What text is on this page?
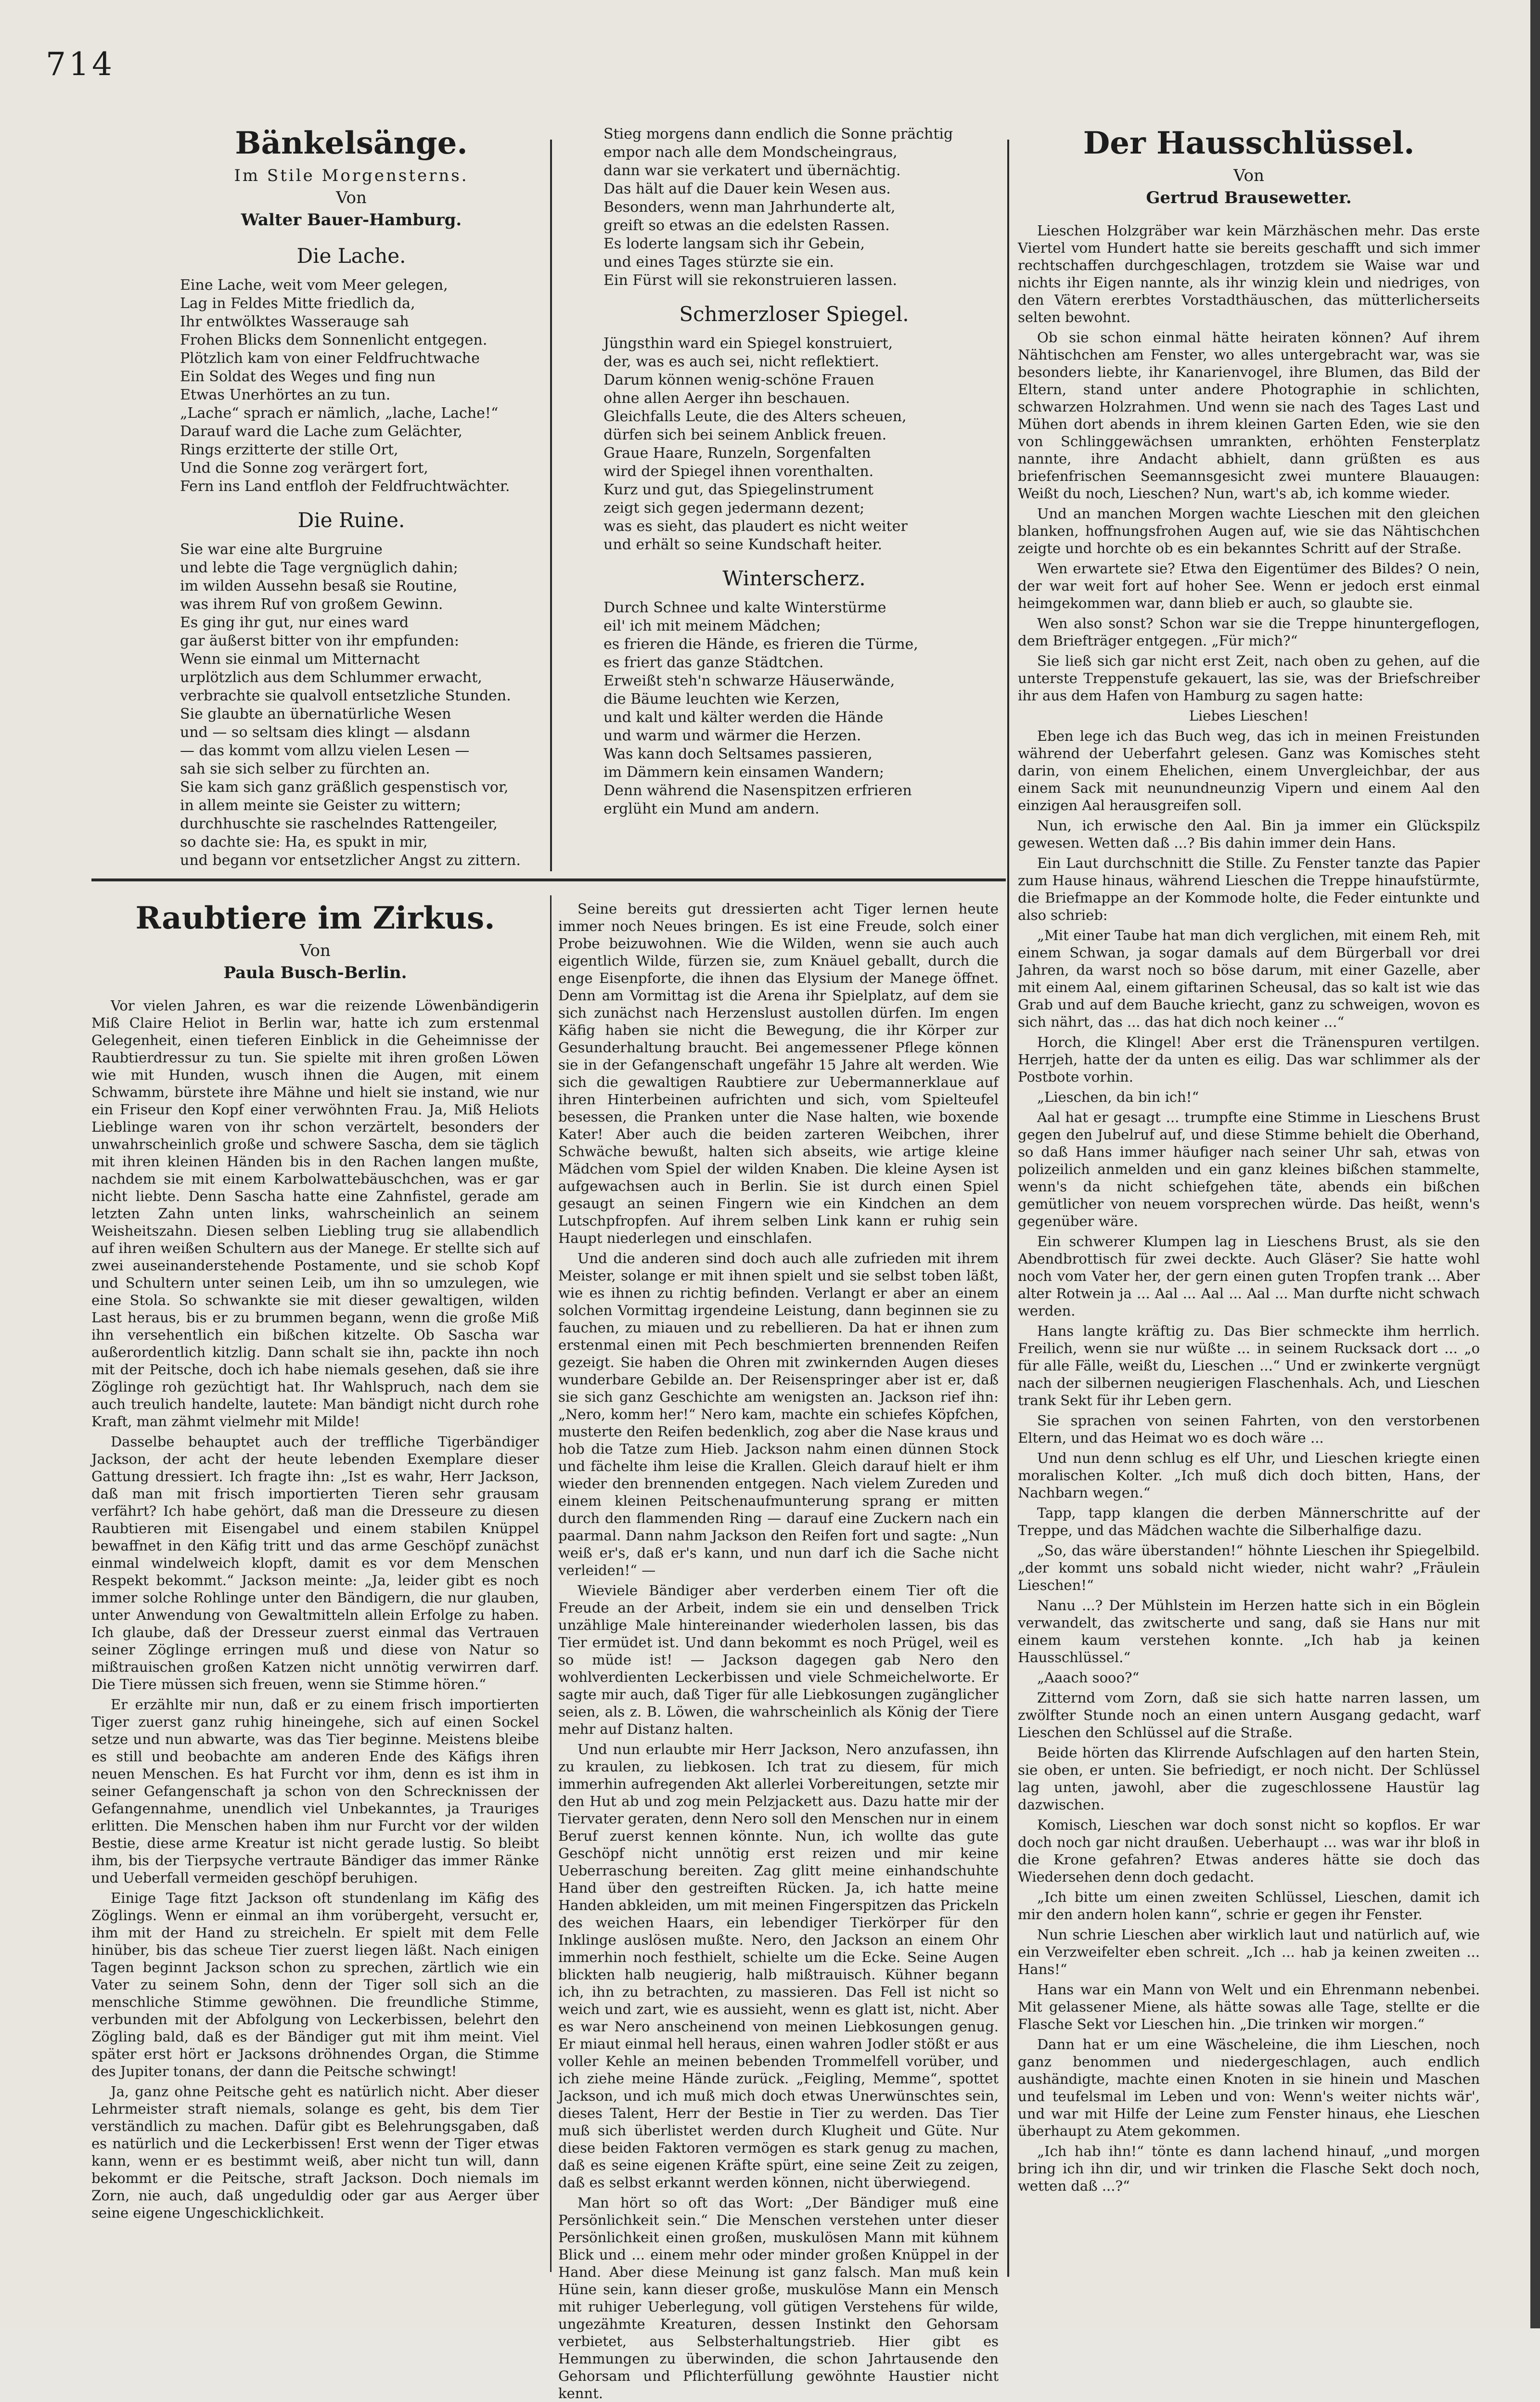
714
Bänkelsänge.
Im Stile Morgensterns.
Von
Walter Bauer-Hamburg.
Die Lache.
Eine Lache, weit vom Meer gelegen,
Lag in Feldes Mitte friedlich da,
Ihr entwölktes Wasserauge sah
Frohen Blicks dem Sonnenlicht entgegen.
Plötzlich kam von einer Feldfruchtwache
Ein Soldat des Weges und fing nun
Etwas Unerhörtes an zu tun.
„Lache“ sprach er nämlich, „lache, Lache!“
Darauf ward die Lache zum Gelächter,
Rings erzitterte der stille Ort,
Und die Sonne zog verärgert fort,
Fern ins Land entfloh der Feldfruchtwächter.
Die Ruine.
Sie war eine alte Burgruine
und lebte die Tage vergnüglich dahin;
im wilden Aussehn besaß sie Routine,
was ihrem Ruf von großem Gewinn.
Es ging ihr gut, nur eines ward
gar äußerst bitter von ihr empfunden:
Wenn sie einmal um Mitternacht
urplötzlich aus dem Schlummer erwacht,
verbrachte sie qualvoll entsetzliche Stunden.
Sie glaubte an übernatürliche Wesen
und — so seltsam dies klingt — alsdann
— das kommt vom allzu vielen Lesen —
sah sie sich selber zu fürchten an.
Sie kam sich ganz gräßlich gespenstisch vor,
in allem meinte sie Geister zu wittern;
durchhuschte sie raschelndes Rattengeiler,
so dachte sie: Ha, es spukt in mir,
und begann vor entsetzlicher Angst zu zittern.
Stieg morgens dann endlich die Sonne prächtig
empor nach alle dem Mondscheingraus,
dann war sie verkatert und übernächtig.
Das hält auf die Dauer kein Wesen aus.
Besonders, wenn man Jahrhunderte alt,
greift so etwas an die edelsten Rassen.
Es loderte langsam sich ihr Gebein,
und eines Tages stürzte sie ein.
Ein Fürst will sie rekonstruieren lassen.
Schmerzloser Spiegel.
Jüngsthin ward ein Spiegel konstruiert,
der, was es auch sei, nicht reflektiert.
Darum können wenig-schöne Frauen
ohne allen Aerger ihn beschauen.
Gleichfalls Leute, die des Alters scheuen,
dürfen sich bei seinem Anblick freuen.
Graue Haare, Runzeln, Sorgenfalten
wird der Spiegel ihnen vorenthalten.
Kurz und gut, das Spiegelinstrument
zeigt sich gegen jedermann dezent;
was es sieht, das plaudert es nicht weiter
und erhält so seine Kundschaft heiter.
Winterscherz.
Durch Schnee und kalte Winterstürme
eil' ich mit meinem Mädchen;
es frieren die Hände, es frieren die Türme,
es friert das ganze Städtchen.
Erweißt steh'n schwarze Häuserwände,
die Bäume leuchten wie Kerzen,
und kalt und kälter werden die Hände
und warm und wärmer die Herzen.
Was kann doch Seltsames passieren,
im Dämmern kein einsamen Wandern;
Denn während die Nasenspitzen erfrieren
erglüht ein Mund am andern.
Der Hausschlüssel.
Von
Gertrud Brausewetter.

Lieschen Holzgräber war kein Märzhäschen mehr. Das erste Viertel vom Hundert hatte sie bereits geschafft und sich immer rechtschaffen durchgeschlagen, trotzdem sie Waise war und nichts ihr Eigen nannte, als ihr winzig klein und niedriges, von den Vätern ererbtes Vorstadthäuschen, das mütterlicherseits selten bewohnt.

Ob sie schon einmal hätte heiraten können? Auf ihrem Nähtischchen am Fenster, wo alles untergebracht war, was sie besonders liebte, ihr Kanarienvogel, ihre Blumen, das Bild der Eltern, stand unter andere Photographie in schlichten, schwarzen Holzrahmen. Und wenn sie nach des Tages Last und Mühen dort abends in ihrem kleinen Garten Eden, wie sie den von Schlinggewächsen umrankten, erhöhten Fensterplatz nannte, ihre Andacht abhielt, dann grüßten es aus briefenfrischen Seemannsgesicht zwei muntere Blauaugen: Weißt du noch, Lieschen? Nun, wart's ab, ich komme wieder.

Und an manchen Morgen wachte Lieschen mit den gleichen blanken, hoffnungsfrohen Augen auf, wie sie das Nähtischchen zeigte und horchte ob es ein bekanntes Schritt auf der Straße.

Wen erwartete sie? Etwa den Eigentümer des Bildes? O nein, der war weit fort auf hoher See. Wenn er jedoch erst einmal heimgekommen war, dann blieb er auch, so glaubte sie.

Wen also sonst? Schon war sie die Treppe hinuntergeflogen, dem Briefträger entgegen. „Für mich?“

Sie ließ sich gar nicht erst Zeit, nach oben zu gehen, auf die unterste Treppenstufe gekauert, las sie, was der Briefschreiber ihr aus dem Hafen von Hamburg zu sagen hatte:

Liebes Lieschen!

Eben lege ich das Buch weg, das ich in meinen Freistunden während der Ueberfahrt gelesen. Ganz was Komisches steht darin, von einem Ehelichen, einem Unvergleichbar, der aus einem Sack mit neunundneunzig Vipern und einem Aal den einzigen Aal herausgreifen soll.

Nun, ich erwische den Aal. Bin ja immer ein Glückspilz gewesen. Wetten daß ...? Bis dahin immer dein Hans.

Ein Laut durchschnitt die Stille. Zu Fenster tanzte das Papier zum Hause hinaus, während Lieschen die Treppe hinaufstürmte, die Briefmappe an der Kommode holte, die Feder eintunkte und also schrieb:

„Mit einer Taube hat man dich verglichen, mit einem Reh, mit einem Schwan, ja sogar damals auf dem Bürgerball vor drei Jahren, da warst noch so böse darum, mit einer Gazelle, aber mit einem Aal, einem giftarinen Scheusal, das so kalt ist wie das Grab und auf dem Bauche kriecht, ganz zu schweigen, wovon es sich nährt, das ... das hat dich noch keiner ...“

Horch, die Klingel! Aber erst die Tränenspuren vertilgen. Herrjeh, hatte der da unten es eilig. Das war schlimmer als der Postbote vorhin.

„Lieschen, da bin ich!“

Aal hat er gesagt ... trumpfte eine Stimme in Lieschens Brust gegen den Jubelruf auf, und diese Stimme behielt die Oberhand, so daß Hans immer häufiger nach seiner Uhr sah, etwas von polizeilich anmelden und ein ganz kleines bißchen stammelte, wenn's da nicht schiefgehen täte, abends ein bißchen gemütlicher von neuem vorsprechen würde. Das heißt, wenn's gegenüber wäre.

Ein schwerer Klumpen lag in Lieschens Brust, als sie den Abendbrottisch für zwei deckte. Auch Gläser? Sie hatte wohl noch vom Vater her, der gern einen guten Tropfen trank ... Aber alter Rotwein ja ... Aal ... Aal ... Aal ... Man durfte nicht schwach werden.

Hans langte kräftig zu. Das Bier schmeckte ihm herrlich. Freilich, wenn sie nur wüßte ... in seinem Rucksack dort ... „o für alle Fälle, weißt du, Lieschen ...“ Und er zwinkerte vergnügt nach der silbernen neugierigen Flaschenhals. Ach, und Lieschen trank Sekt für ihr Leben gern.

Sie sprachen von seinen Fahrten, von den verstorbenen Eltern, und das Heimat wo es doch wäre ...

Und nun denn schlug es elf Uhr, und Lieschen kriegte einen moralischen Kolter. „Ich muß dich doch bitten, Hans, der Nachbarn wegen.“

Tapp, tapp klangen die derben Männerschritte auf der Treppe, und das Mädchen wachte die Silberhalfige dazu.

„So, das wäre überstanden!“ höhnte Lieschen ihr Spiegelbild. „der kommt uns sobald nicht wieder, nicht wahr? „Fräulein Lieschen!“

Nanu ...? Der Mühlstein im Herzen hatte sich in ein Böglein verwandelt, das zwitscherte und sang, daß sie Hans nur mit einem kaum verstehen konnte. „Ich hab ja keinen Hausschlüssel.“

„Aaach sooo?“

Zitternd vom Zorn, daß sie sich hatte narren lassen, um zwölfter Stunde noch an einen untern Ausgang gedacht, warf Lieschen den Schlüssel auf die Straße.

Beide hörten das Klirrende Aufschlagen auf den harten Stein, sie oben, er unten. Sie befriedigt, er noch nicht. Der Schlüssel lag unten, jawohl, aber die zugeschlossene Haustür lag dazwischen.

Komisch, Lieschen war doch sonst nicht so kopflos. Er war doch noch gar nicht draußen. Ueberhaupt ... was war ihr bloß in die Krone gefahren? Etwas anderes hätte sie doch das Wiedersehen denn doch gedacht.

„Ich bitte um einen zweiten Schlüssel, Lieschen, damit ich mir den andern holen kann“, schrie er gegen ihr Fenster.

Nun schrie Lieschen aber wirklich laut und natürlich auf, wie ein Verzweifelter eben schreit. „Ich ... hab ja keinen zweiten ... Hans!“

Hans war ein Mann von Welt und ein Ehrenmann nebenbei. Mit gelassener Miene, als hätte sowas alle Tage, stellte er die Flasche Sekt vor Lieschen hin. „Die trinken wir morgen.“

Dann hat er um eine Wäscheleine, die ihm Lieschen, noch ganz benommen und niedergeschlagen, auch endlich aushändigte, machte einen Knoten in sie hinein und Maschen und teufelsmal im Leben und von: Wenn's weiter nichts wär', und war mit Hilfe der Leine zum Fenster hinaus, ehe Lieschen überhaupt zu Atem gekommen.

„Ich hab ihn!“ tönte es dann lachend hinauf, „und morgen bring ich ihn dir, und wir trinken die Flasche Sekt doch noch, wetten daß ...?“

Raubtiere im Zirkus.
Von
Paula Busch-Berlin.

Vor vielen Jahren, es war die reizende Löwenbändigerin Miß Claire Heliot in Berlin war, hatte ich zum erstenmal Gelegenheit, einen tieferen Einblick in die Geheimnisse der Raubtierdressur zu tun. Sie spielte mit ihren großen Löwen wie mit Hunden, wusch ihnen die Augen, mit einem Schwamm, bürstete ihre Mähne und hielt sie instand, wie nur ein Friseur den Kopf einer verwöhnten Frau. Ja, Miß Heliots Lieblinge waren von ihr schon verzärtelt, besonders der unwahrscheinlich große und schwere Sascha, dem sie täglich mit ihren kleinen Händen bis in den Rachen langen mußte, nachdem sie mit einem Karbolwattebäuschchen, was er gar nicht liebte. Denn Sascha hatte eine Zahnfistel, gerade am letzten Zahn unten links, wahrscheinlich an seinem Weisheitszahn. Diesen selben Liebling trug sie allabendlich auf ihren weißen Schultern aus der Manege. Er stellte sich auf zwei auseinanderstehende Postamente, und sie schob Kopf und Schultern unter seinen Leib, um ihn so umzulegen, wie eine Stola. So schwankte sie mit dieser gewaltigen, wilden Last heraus, bis er zu brummen begann, wenn die große Miß ihn versehentlich ein bißchen kitzelte. Ob Sascha war außerordentlich kitzlig. Dann schalt sie ihn, packte ihn noch mit der Peitsche, doch ich habe niemals gesehen, daß sie ihre Zöglinge roh gezüchtigt hat. Ihr Wahlspruch, nach dem sie auch treulich handelte, lautete: Man bändigt nicht durch rohe Kraft, man zähmt vielmehr mit Milde!

Dasselbe behauptet auch der treffliche Tigerbändiger Jackson, der acht der heute lebenden Exemplare dieser Gattung dressiert. Ich fragte ihn: „Ist es wahr, Herr Jackson, daß man mit frisch importierten Tieren sehr grausam verfährt? Ich habe gehört, daß man die Dresseure zu diesen Raubtieren mit Eisengabel und einem stabilen Knüppel bewaffnet in den Käfig tritt und das arme Geschöpf zunächst einmal windelweich klopft, damit es vor dem Menschen Respekt bekommt.“ Jackson meinte: „Ja, leider gibt es noch immer solche Rohlinge unter den Bändigern, die nur glauben, unter Anwendung von Gewaltmitteln allein Erfolge zu haben. Ich glaube, daß der Dresseur zuerst einmal das Vertrauen seiner Zöglinge erringen muß und diese von Natur so mißtrauischen großen Katzen nicht unnötig verwirren darf. Die Tiere müssen sich freuen, wenn sie Stimme hören.“

Er erzählte mir nun, daß er zu einem frisch importierten Tiger zuerst ganz ruhig hineingehe, sich auf einen Sockel setze und nun abwarte, was das Tier beginne. Meistens bleibe es still und beobachte am anderen Ende des Käfigs ihren neuen Menschen. Es hat Furcht vor ihm, denn es ist ihm in seiner Gefangenschaft ja schon von den Schrecknissen der Gefangennahme, unendlich viel Unbekanntes, ja Trauriges erlitten. Die Menschen haben ihm nur Furcht vor der wilden Bestie, diese arme Kreatur ist nicht gerade lustig. So bleibt ihm, bis der Tierpsyche vertraute Bändiger das immer Ränke und Ueberfall vermeiden geschöpf beruhigen.

Einige Tage fitzt Jackson oft stundenlang im Käfig des Zöglings. Wenn er einmal an ihm vorübergeht, versucht er, ihm mit der Hand zu streicheln. Er spielt mit dem Felle hinüber, bis das scheue Tier zuerst liegen läßt. Nach einigen Tagen beginnt Jackson schon zu sprechen, zärtlich wie ein Vater zu seinem Sohn, denn der Tiger soll sich an die menschliche Stimme gewöhnen. Die freundliche Stimme, verbunden mit der Abfolgung von Leckerbissen, belehrt den Zögling bald, daß es der Bändiger gut mit ihm meint. Viel später erst hört er Jacksons dröhnendes Organ, die Stimme des Jupiter tonans, der dann die Peitsche schwingt!

Ja, ganz ohne Peitsche geht es natürlich nicht. Aber dieser Lehrmeister straft niemals, solange es geht, bis dem Tier verständlich zu machen. Dafür gibt es Belehrungsgaben, daß es natürlich und die Leckerbissen! Erst wenn der Tiger etwas kann, wenn er es bestimmt weiß, aber nicht tun will, dann bekommt er die Peitsche, straft Jackson. Doch niemals im Zorn, nie auch, daß ungeduldig oder gar aus Aerger über seine eigene Ungeschicklichkeit.

Seine bereits gut dressierten acht Tiger lernen heute immer noch Neues bringen. Es ist eine Freude, solch einer Probe beizuwohnen. Wie die Wilden, wenn sie auch auch eigentlich Wilde, fürzen sie, zum Knäuel geballt, durch die enge Eisenpforte, die ihnen das Elysium der Manege öffnet. Denn am Vormittag ist die Arena ihr Spielplatz, auf dem sie sich zunächst nach Herzenslust austollen dürfen. Im engen Käfig haben sie nicht die Bewegung, die ihr Körper zur Gesunderhaltung braucht. Bei angemessener Pflege können sie in der Gefangenschaft ungefähr 15 Jahre alt werden. Wie sich die gewaltigen Raubtiere zur Uebermannerklaue auf ihren Hinterbeinen aufrichten und sich, vom Spielteufel besessen, die Pranken unter die Nase halten, wie boxende Kater! Aber auch die beiden zarteren Weibchen, ihrer Schwäche bewußt, halten sich abseits, wie artige kleine Mädchen vom Spiel der wilden Knaben. Die kleine Aysen ist aufgewachsen auch in Berlin. Sie ist durch einen Spiel gesaugt an seinen Fingern wie ein Kindchen an dem Lutschpfropfen. Auf ihrem selben Link kann er ruhig sein Haupt niederlegen und einschlafen.

Und die anderen sind doch auch alle zufrieden mit ihrem Meister, solange er mit ihnen spielt und sie selbst toben läßt, wie es ihnen zu richtig befinden. Verlangt er aber an einem solchen Vormittag irgendeine Leistung, dann beginnen sie zu fauchen, zu miauen und zu rebellieren. Da hat er ihnen zum erstenmal einen mit Pech beschmierten brennenden Reifen gezeigt. Sie haben die Ohren mit zwinkernden Augen dieses wunderbare Gebilde an. Der Reisenspringer aber ist er, daß sie sich ganz Geschichte am wenigsten an. Jackson rief ihn: „Nero, komm her!“ Nero kam, machte ein schiefes Köpfchen, musterte den Reifen bedenklich, zog aber die Nase kraus und hob die Tatze zum Hieb. Jackson nahm einen dünnen Stock und fächelte ihm leise die Krallen. Gleich darauf hielt er ihm wieder den brennenden entgegen. Nach vielem Zureden und einem kleinen Peitschenaufmunterung sprang er mitten durch den flammenden Ring — darauf eine Zuckern nach ein paarmal. Dann nahm Jackson den Reifen fort und sagte: „Nun weiß er's, daß er's kann, und nun darf ich die Sache nicht verleiden!“ —

Wieviele Bändiger aber verderben einem Tier oft die Freude an der Arbeit, indem sie ein und denselben Trick unzählige Male hintereinander wiederholen lassen, bis das Tier ermüdet ist. Und dann bekommt es noch Prügel, weil es so müde ist! — Jackson dagegen gab Nero den wohlverdienten Leckerbissen und viele Schmeichelworte. Er sagte mir auch, daß Tiger für alle Liebkosungen zugänglicher seien, als z. B. Löwen, die wahrscheinlich als König der Tiere mehr auf Distanz halten.

Und nun erlaubte mir Herr Jackson, Nero anzufassen, ihn zu kraulen, zu liebkosen. Ich trat zu diesem, für mich immerhin aufregenden Akt allerlei Vorbereitungen, setzte mir den Hut ab und zog mein Pelzjackett aus. Dazu hatte mir der Tiervater geraten, denn Nero soll den Menschen nur in einem Beruf zuerst kennen könnte. Nun, ich wollte das gute Geschöpf nicht unnötig erst reizen und mir keine Ueberraschung bereiten. Zag glitt meine einhandschuhte Hand über den gestreiften Rücken. Ja, ich hatte meine Handen abkleiden, um mit meinen Fingerspitzen das Prickeln des weichen Haars, ein lebendiger Tierkörper für den Inklinge auslösen mußte. Nero, den Jackson an einem Ohr immerhin noch festhielt, schielte um die Ecke. Seine Augen blickten halb neugierig, halb mißtrauisch. Kühner begann ich, ihn zu betrachten, zu massieren. Das Fell ist nicht so weich und zart, wie es aussieht, wenn es glatt ist, nicht. Aber es war Nero anscheinend von meinen Liebkosungen genug. Er miaut einmal hell heraus, einen wahren Jodler stößt er aus voller Kehle an meinen bebenden Trommelfell vorüber, und ich ziehe meine Hände zurück. „Feigling, Memme“, spottet Jackson, und ich muß mich doch etwas Unerwünschtes sein, dieses Talent, Herr der Bestie in Tier zu werden. Das Tier muß sich überlistet werden durch Klugheit und Güte. Nur diese beiden Faktoren vermögen es stark genug zu machen, daß es seine eigenen Kräfte spürt, eine seine Zeit zu zeigen, daß es selbst erkannt werden können, nicht überwiegend.

Man hört so oft das Wort: „Der Bändiger muß eine Persönlichkeit sein.“ Die Menschen verstehen unter dieser Persönlichkeit einen großen, muskulösen Mann mit kühnem Blick und ... einem mehr oder minder großen Knüppel in der Hand. Aber diese Meinung ist ganz falsch. Man muß kein Hüne sein, kann dieser große, muskulöse Mann ein Mensch mit ruhiger Ueberlegung, voll gütigen Verstehens für wilde, ungezähmte Kreaturen, dessen Instinkt den Gehorsam verbietet, aus Selbsterhaltungstrieb. Hier gibt es Hemmungen zu überwinden, die schon Jahrtausende den Gehorsam und Pflichterfüllung gewöhnte Haustier nicht kennt.
